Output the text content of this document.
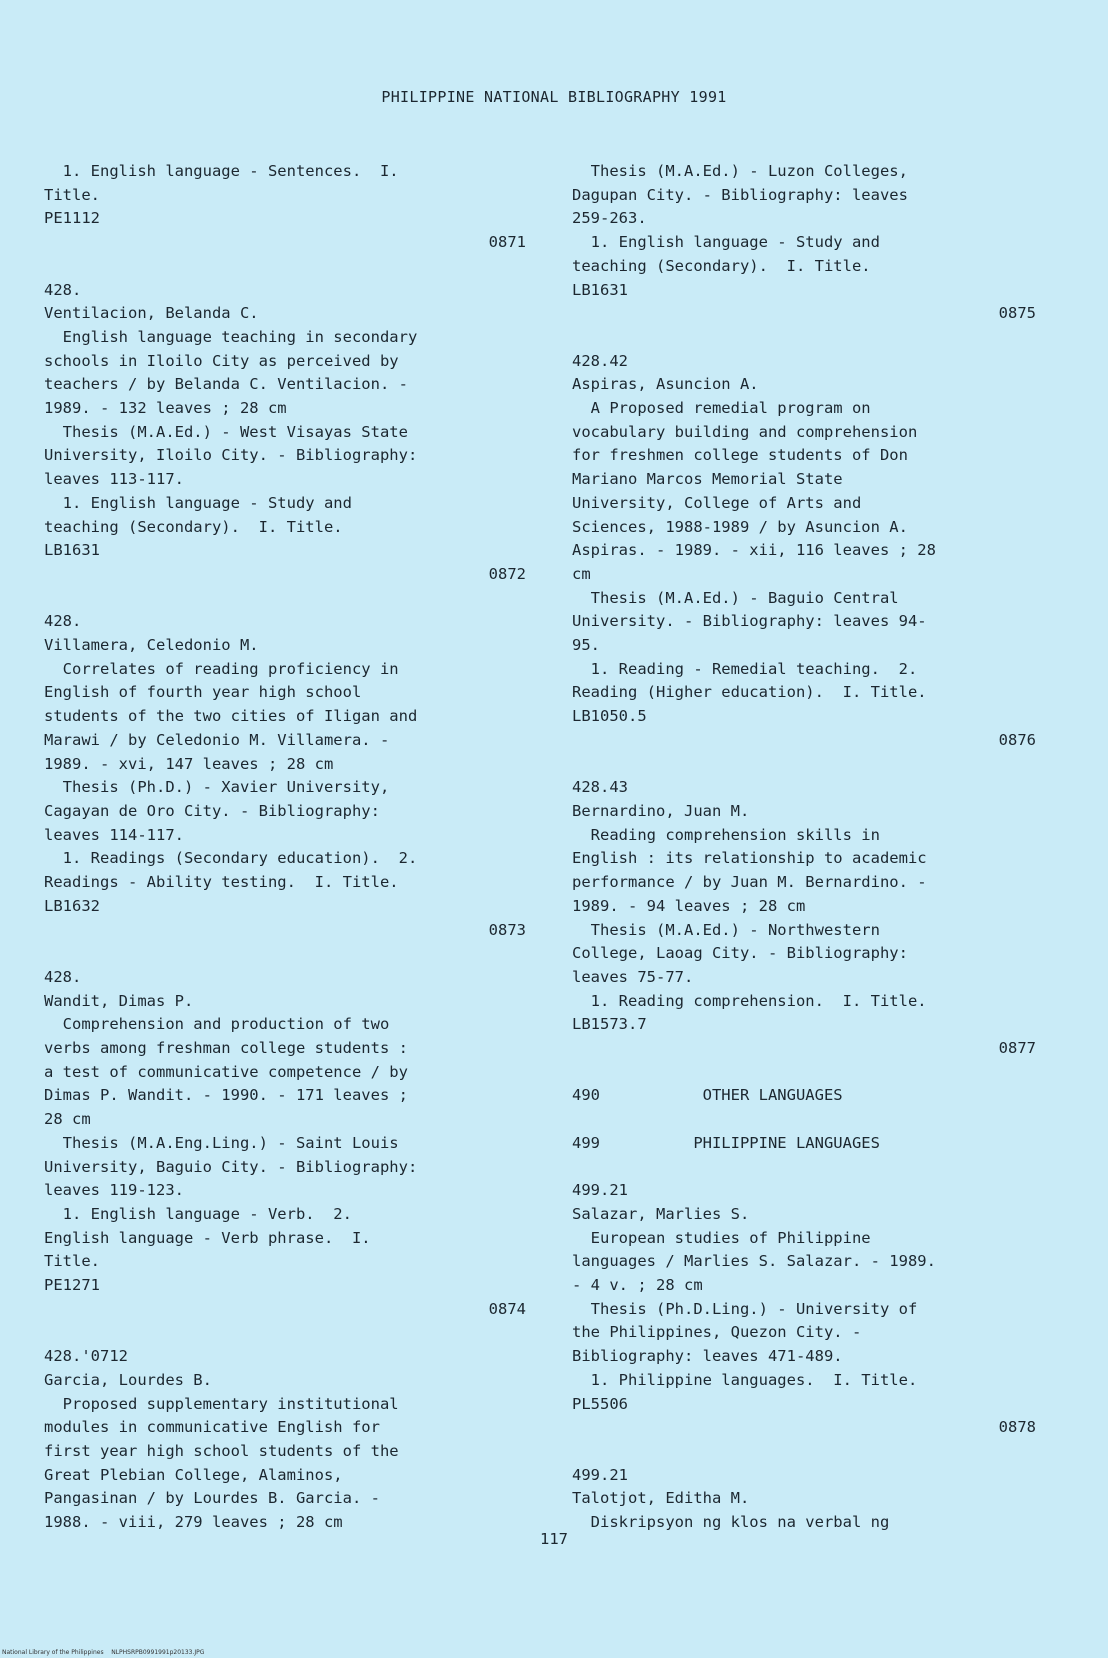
PHILIPPINE NATIONAL BIBLIOGRAPHY 1991
1. English language - Sentences.  I.
Title.
PE1112
0871

428.
Ventilacion, Belanda C.
English language teaching in secondary
schools in Iloilo City as perceived by
teachers / by Belanda C. Ventilacion. -
1989. - 132 leaves ; 28 cm
Thesis (M.A.Ed.) - West Visayas State
University, Iloilo City. - Bibliography:
leaves 113-117.
1. English language - Study and
teaching (Secondary).  I. Title.
LB1631
0872

428.
Villamera, Celedonio M.
Correlates of reading proficiency in
English of fourth year high school
students of the two cities of Iligan and
Marawi / by Celedonio M. Villamera. -
1989. - xvi, 147 leaves ; 28 cm
Thesis (Ph.D.) - Xavier University,
Cagayan de Oro City. - Bibliography:
leaves 114-117.
1. Readings (Secondary education).  2.
Readings - Ability testing.  I. Title.
LB1632
0873

428.
Wandit, Dimas P.
Comprehension and production of two
verbs among freshman college students :
a test of communicative competence / by
Dimas P. Wandit. - 1990. - 171 leaves ;
28 cm
Thesis (M.A.Eng.Ling.) - Saint Louis
University, Baguio City. - Bibliography:
leaves 119-123.
1. English language - Verb.  2.
English language - Verb phrase.  I.
Title.
PE1271
0874

428.'0712
Garcia, Lourdes B.
Proposed supplementary institutional
modules in communicative English for
first year high school students of the
Great Plebian College, Alaminos,
Pangasinan / by Lourdes B. Garcia. -
1988. - viii, 279 leaves ; 28 cm
Thesis (M.A.Ed.) - Luzon Colleges,
Dagupan City. - Bibliography: leaves
259-263.
1. English language - Study and
teaching (Secondary).  I. Title.
LB1631
0875

428.42
Aspiras, Asuncion A.
A Proposed remedial program on
vocabulary building and comprehension
for freshmen college students of Don
Mariano Marcos Memorial State
University, College of Arts and
Sciences, 1988-1989 / by Asuncion A.
Aspiras. - 1989. - xii, 116 leaves ; 28
cm
Thesis (M.A.Ed.) - Baguio Central
University. - Bibliography: leaves 94-
95.
1. Reading - Remedial teaching.  2.
Reading (Higher education).  I. Title.
LB1050.5
0876

428.43
Bernardino, Juan M.
Reading comprehension skills in
English : its relationship to academic
performance / by Juan M. Bernardino. -
1989. - 94 leaves ; 28 cm
Thesis (M.A.Ed.) - Northwestern
College, Laoag City. - Bibliography:
leaves 75-77.
1. Reading comprehension.  I. Title.
LB1573.7
0877

490           OTHER LANGUAGES

499          PHILIPPINE LANGUAGES

499.21
Salazar, Marlies S.
European studies of Philippine
languages / Marlies S. Salazar. - 1989.
- 4 v. ; 28 cm
Thesis (Ph.D.Ling.) - University of
the Philippines, Quezon City. -
Bibliography: leaves 471-489.
1. Philippine languages.  I. Title.
PL5506
0878

499.21
Talotjot, Editha M.
Diskripsyon ng klos na verbal ng
117
National Library of the Philippines    NLPHSRPB0991991p20133.JPG
